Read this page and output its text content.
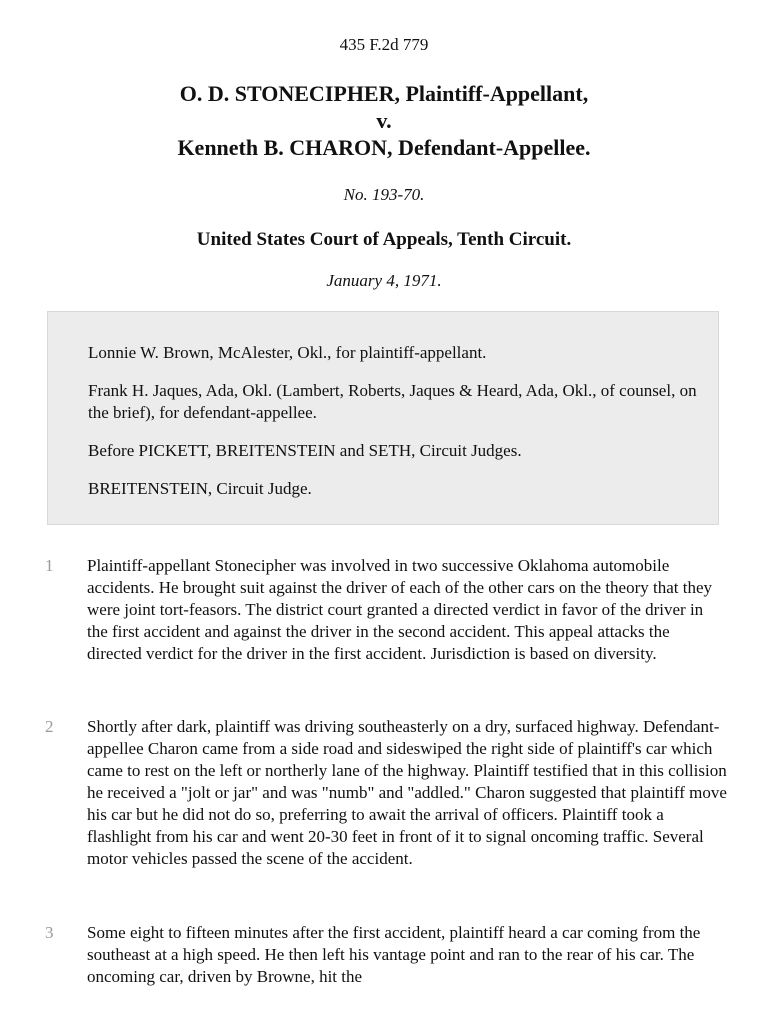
435 F.2d 779
O. D. STONECIPHER, Plaintiff-Appellant,
v.
Kenneth B. CHARON, Defendant-Appellee.
No. 193-70.
United States Court of Appeals, Tenth Circuit.
January 4, 1971.

Lonnie W. Brown, McAlester, Okl., for plaintiff-appellant.

Frank H. Jaques, Ada, Okl. (Lambert, Roberts, Jaques & Heard, Ada, Okl., of counsel, on the brief), for defendant-appellee.

Before PICKETT, BREITENSTEIN and SETH, Circuit Judges.

BREITENSTEIN, Circuit Judge.

1 Plaintiff-appellant Stonecipher was involved in two successive Oklahoma automobile accidents. He brought suit against the driver of each of the other cars on the theory that they were joint tort-feasors. The district court granted a directed verdict in favor of the driver in the first accident and against the driver in the second accident. This appeal attacks the directed verdict for the driver in the first accident. Jurisdiction is based on diversity.
2 Shortly after dark, plaintiff was driving southeasterly on a dry, surfaced highway. Defendant-appellee Charon came from a side road and sideswiped the right side of plaintiff's car which came to rest on the left or northerly lane of the highway. Plaintiff testified that in this collision he received a "jolt or jar" and was "numb" and "addled." Charon suggested that plaintiff move his car but he did not do so, preferring to await the arrival of officers. Plaintiff took a flashlight from his car and went 20-30 feet in front of it to signal oncoming traffic. Several motor vehicles passed the scene of the accident.
3 Some eight to fifteen minutes after the first accident, plaintiff heard a car coming from the southeast at a high speed. He then left his vantage point and ran to the rear of his car. The oncoming car, driven by Browne, hit the
